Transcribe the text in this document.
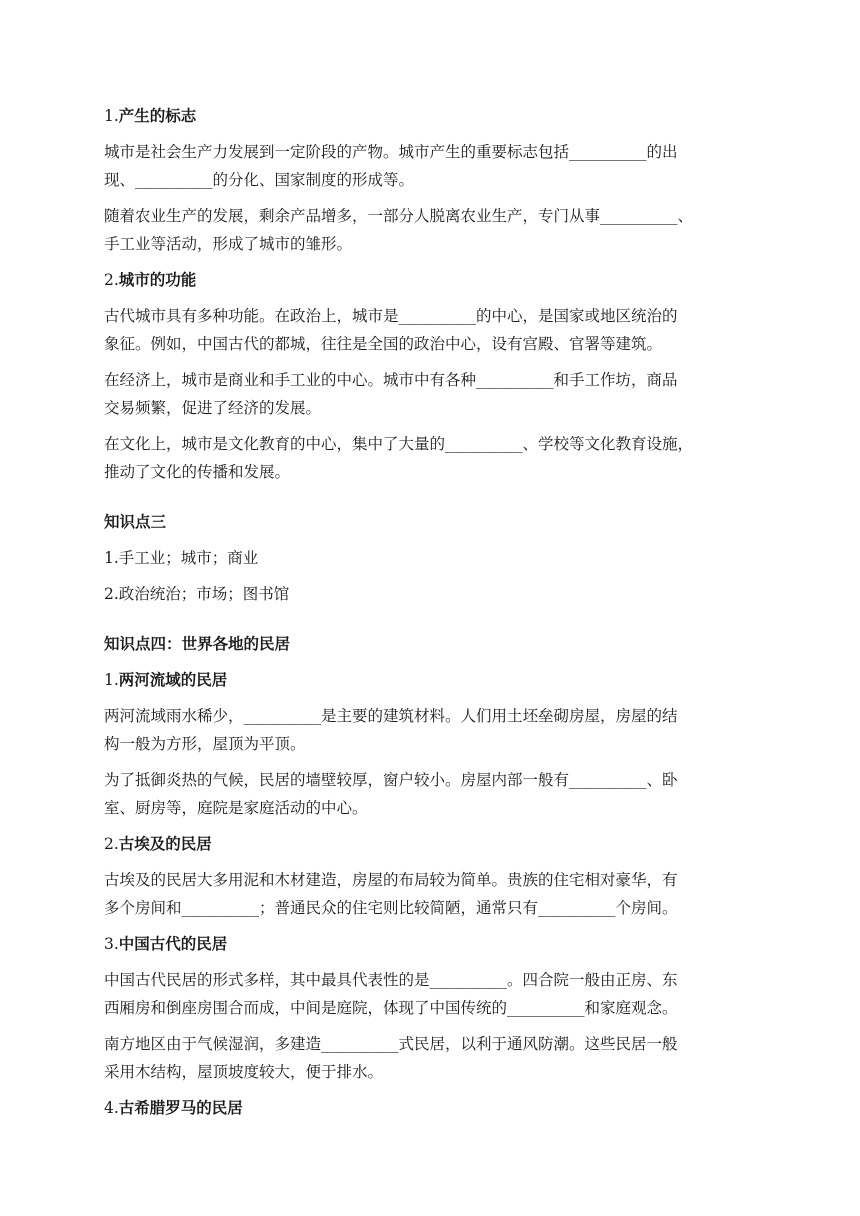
1.产生的标志
城市是社会生产力发展到一定阶段的产物。城市产生的重要标志包括__________的出
现、__________的分化、国家制度的形成等。
随着农业生产的发展，剩余产品增多，一部分人脱离农业生产，专门从事__________、
手工业等活动，形成了城市的雏形。
2.城市的功能
古代城市具有多种功能。在政治上，城市是__________的中心，是国家或地区统治的
象征。例如，中国古代的都城，往往是全国的政治中心，设有宫殿、官署等建筑。
在经济上，城市是商业和手工业的中心。城市中有各种__________和手工作坊，商品
交易频繁，促进了经济的发展。
在文化上，城市是文化教育的中心，集中了大量的__________、学校等文化教育设施，
推动了文化的传播和发展。
知识点三
1.手工业；城市；商业
2.政治统治；市场；图书馆
知识点四：世界各地的民居
1.两河流域的民居
两河流域雨水稀少，__________是主要的建筑材料。人们用土坯垒砌房屋，房屋的结
构一般为方形，屋顶为平顶。
为了抵御炎热的气候，民居的墙壁较厚，窗户较小。房屋内部一般有__________、卧
室、厨房等，庭院是家庭活动的中心。
2.古埃及的民居
古埃及的民居大多用泥和木材建造，房屋的布局较为简单。贵族的住宅相对豪华，有
多个房间和__________；普通民众的住宅则比较简陋，通常只有__________个房间。
3.中国古代的民居
中国古代民居的形式多样，其中最具代表性的是__________。四合院一般由正房、东
西厢房和倒座房围合而成，中间是庭院，体现了中国传统的__________和家庭观念。
南方地区由于气候湿润，多建造__________式民居，以利于通风防潮。这些民居一般
采用木结构，屋顶坡度较大，便于排水。
4.古希腊罗马的民居
